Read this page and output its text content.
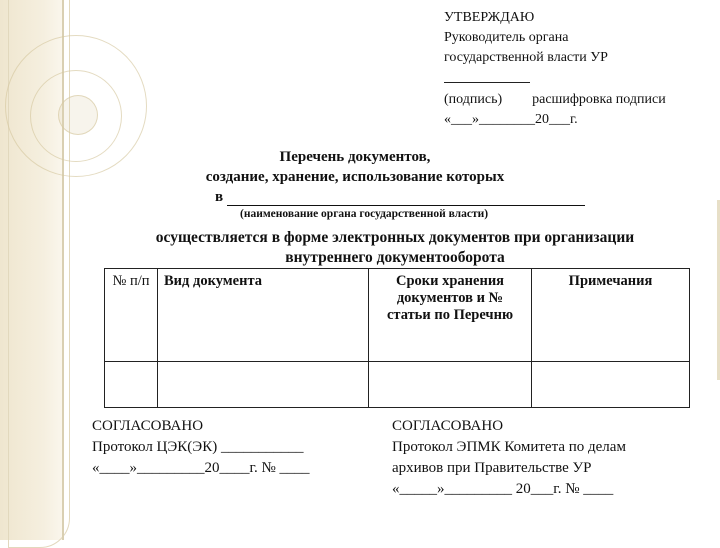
УТВЕРЖДАЮ
Руководитель органа
государственной власти УР
(подпись) расшифровка подписи
«___»________20___г.
Перечень документов,
создание, хранение, использование которых
в
(наименование органа государственной власти)
осуществляется в форме электронных документов при организации
внутреннего документооборота
№ п/п	Вид документа	Сроки хранения документов и № статьи по Перечню	Примечания

СОГЛАСОВАНО
Протокол ЦЭК(ЭК) ___________
«____»_________20____г. № ____
СОГЛАСОВАНО
Протокол ЭПМК Комитета по делам
архивов при Правительстве УР
«_____»_________ 20___г. № ____
